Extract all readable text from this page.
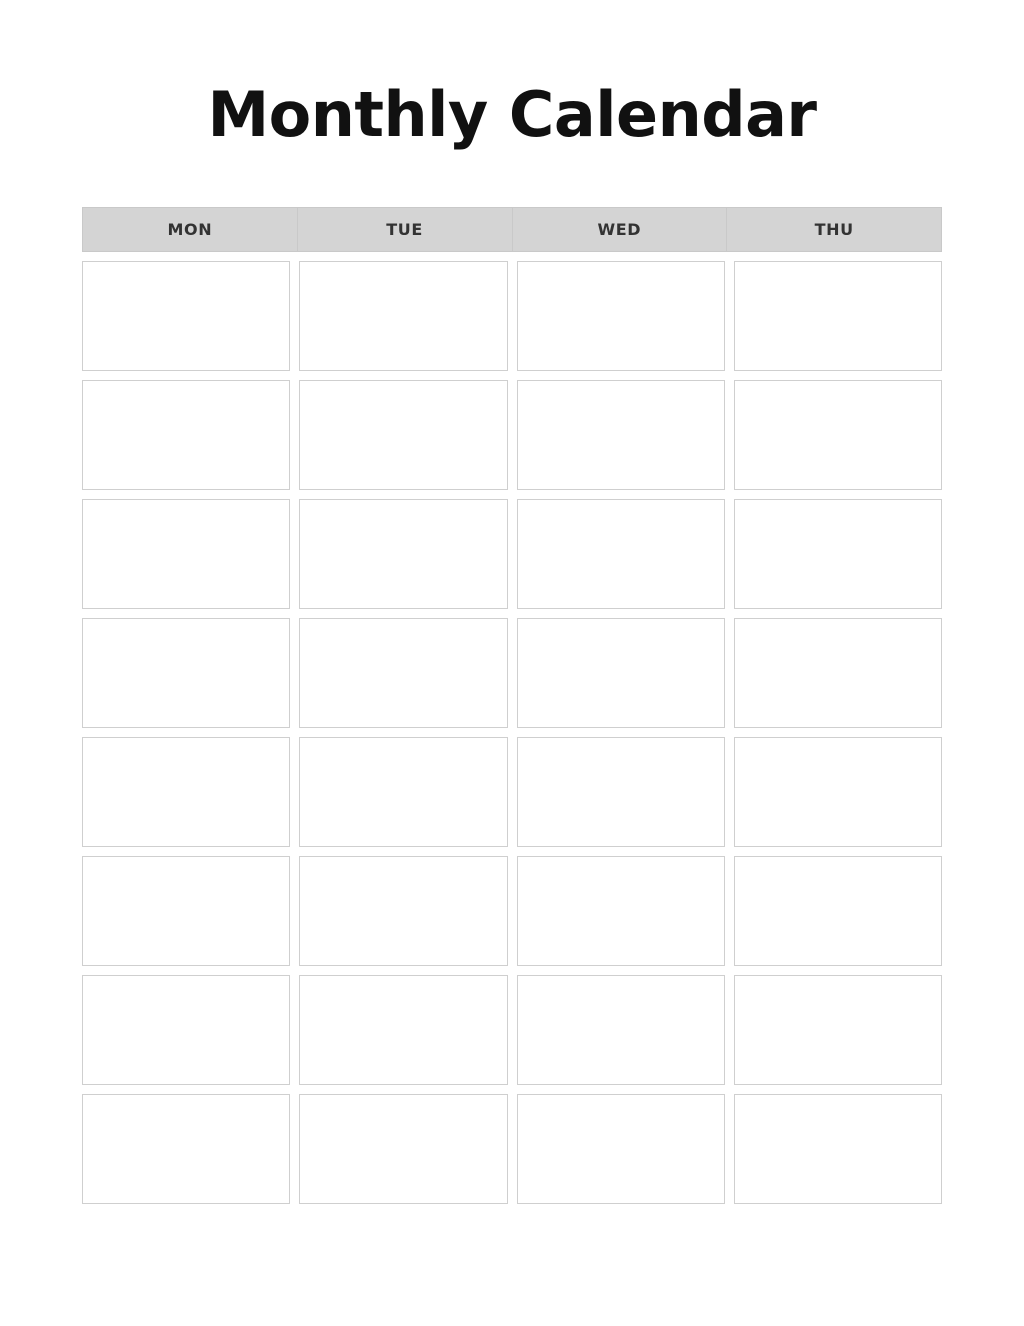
Monthly Calendar
MON	TUE	WED	THU
